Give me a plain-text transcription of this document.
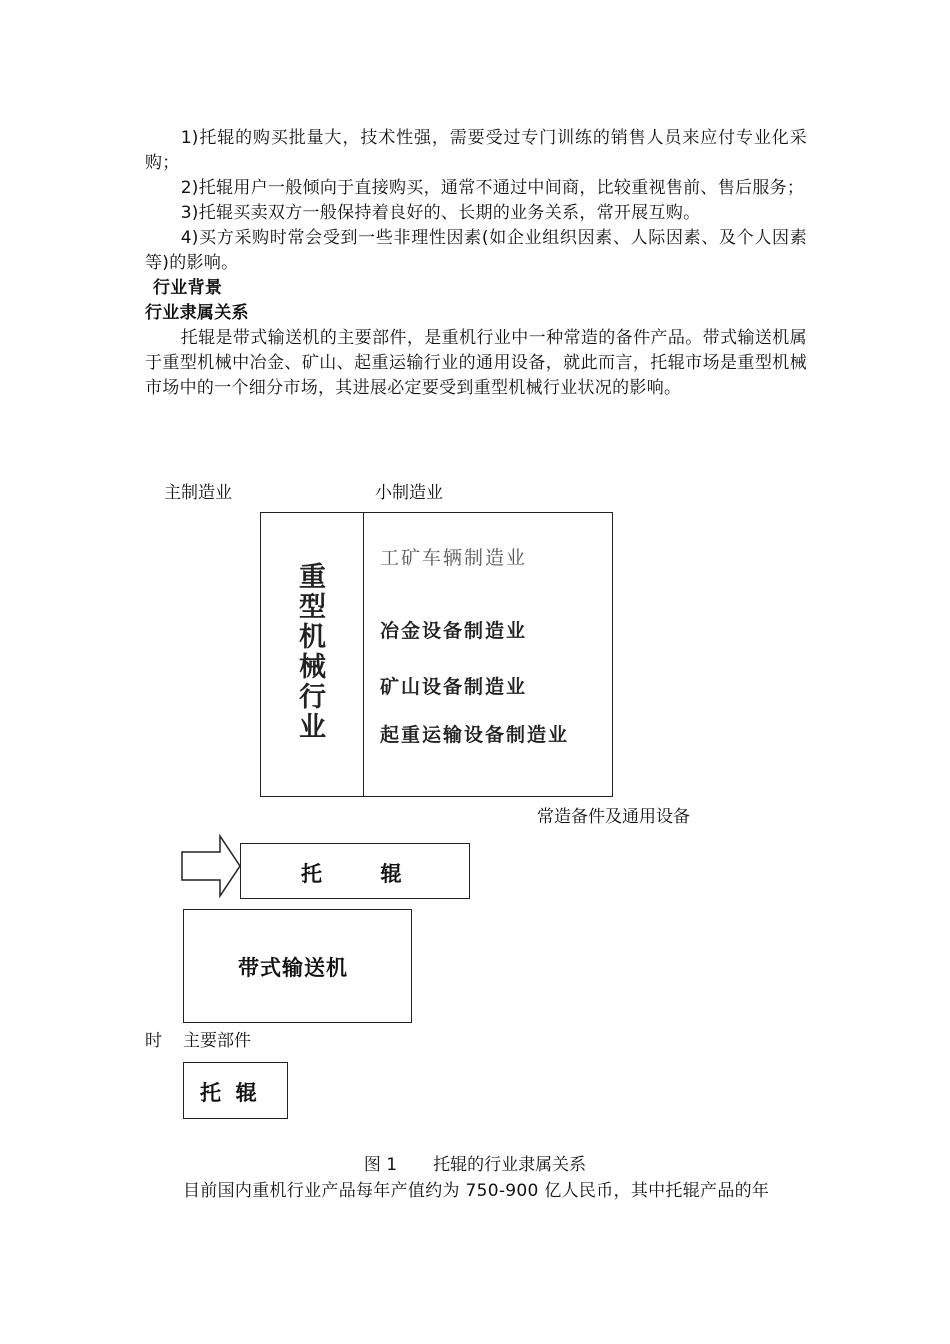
1)托辊的购买批量大，技术性强，需要受过专门训练的销售人员来应付专业化采购；

2)托辊用户一般倾向于直接购买，通常不通过中间商，比较重视售前、售后服务；

3)托辊买卖双方一般保持着良好的、长期的业务关系，常开展互购。

4)买方采购时常会受到一些非理性因素(如企业组织因素、人际因素、及个人因素等)的影响。

行业背景

行业隶属关系

托辊是带式输送机的主要部件，是重机行业中一种常造的备件产品。带式输送机属于重型机械中冶金、矿山、起重运输行业的通用设备，就此而言，托辊市场是重型机械市场中的一个细分市场，其进展必定要受到重型机械行业状况的影响。

主制造业	小制造业
重
型
机
械
行
业
工矿车辆制造业
冶金设备制造业
矿山设备制造业
起重运输设备制造业
常造备件及通用设备
托        辊
带式输送机
时 主要部件
托  辊
图 1 托辊的行业隶属关系
目前国内重机行业产品每年产值约为 750-900 亿人民币，其中托辊产品的年
